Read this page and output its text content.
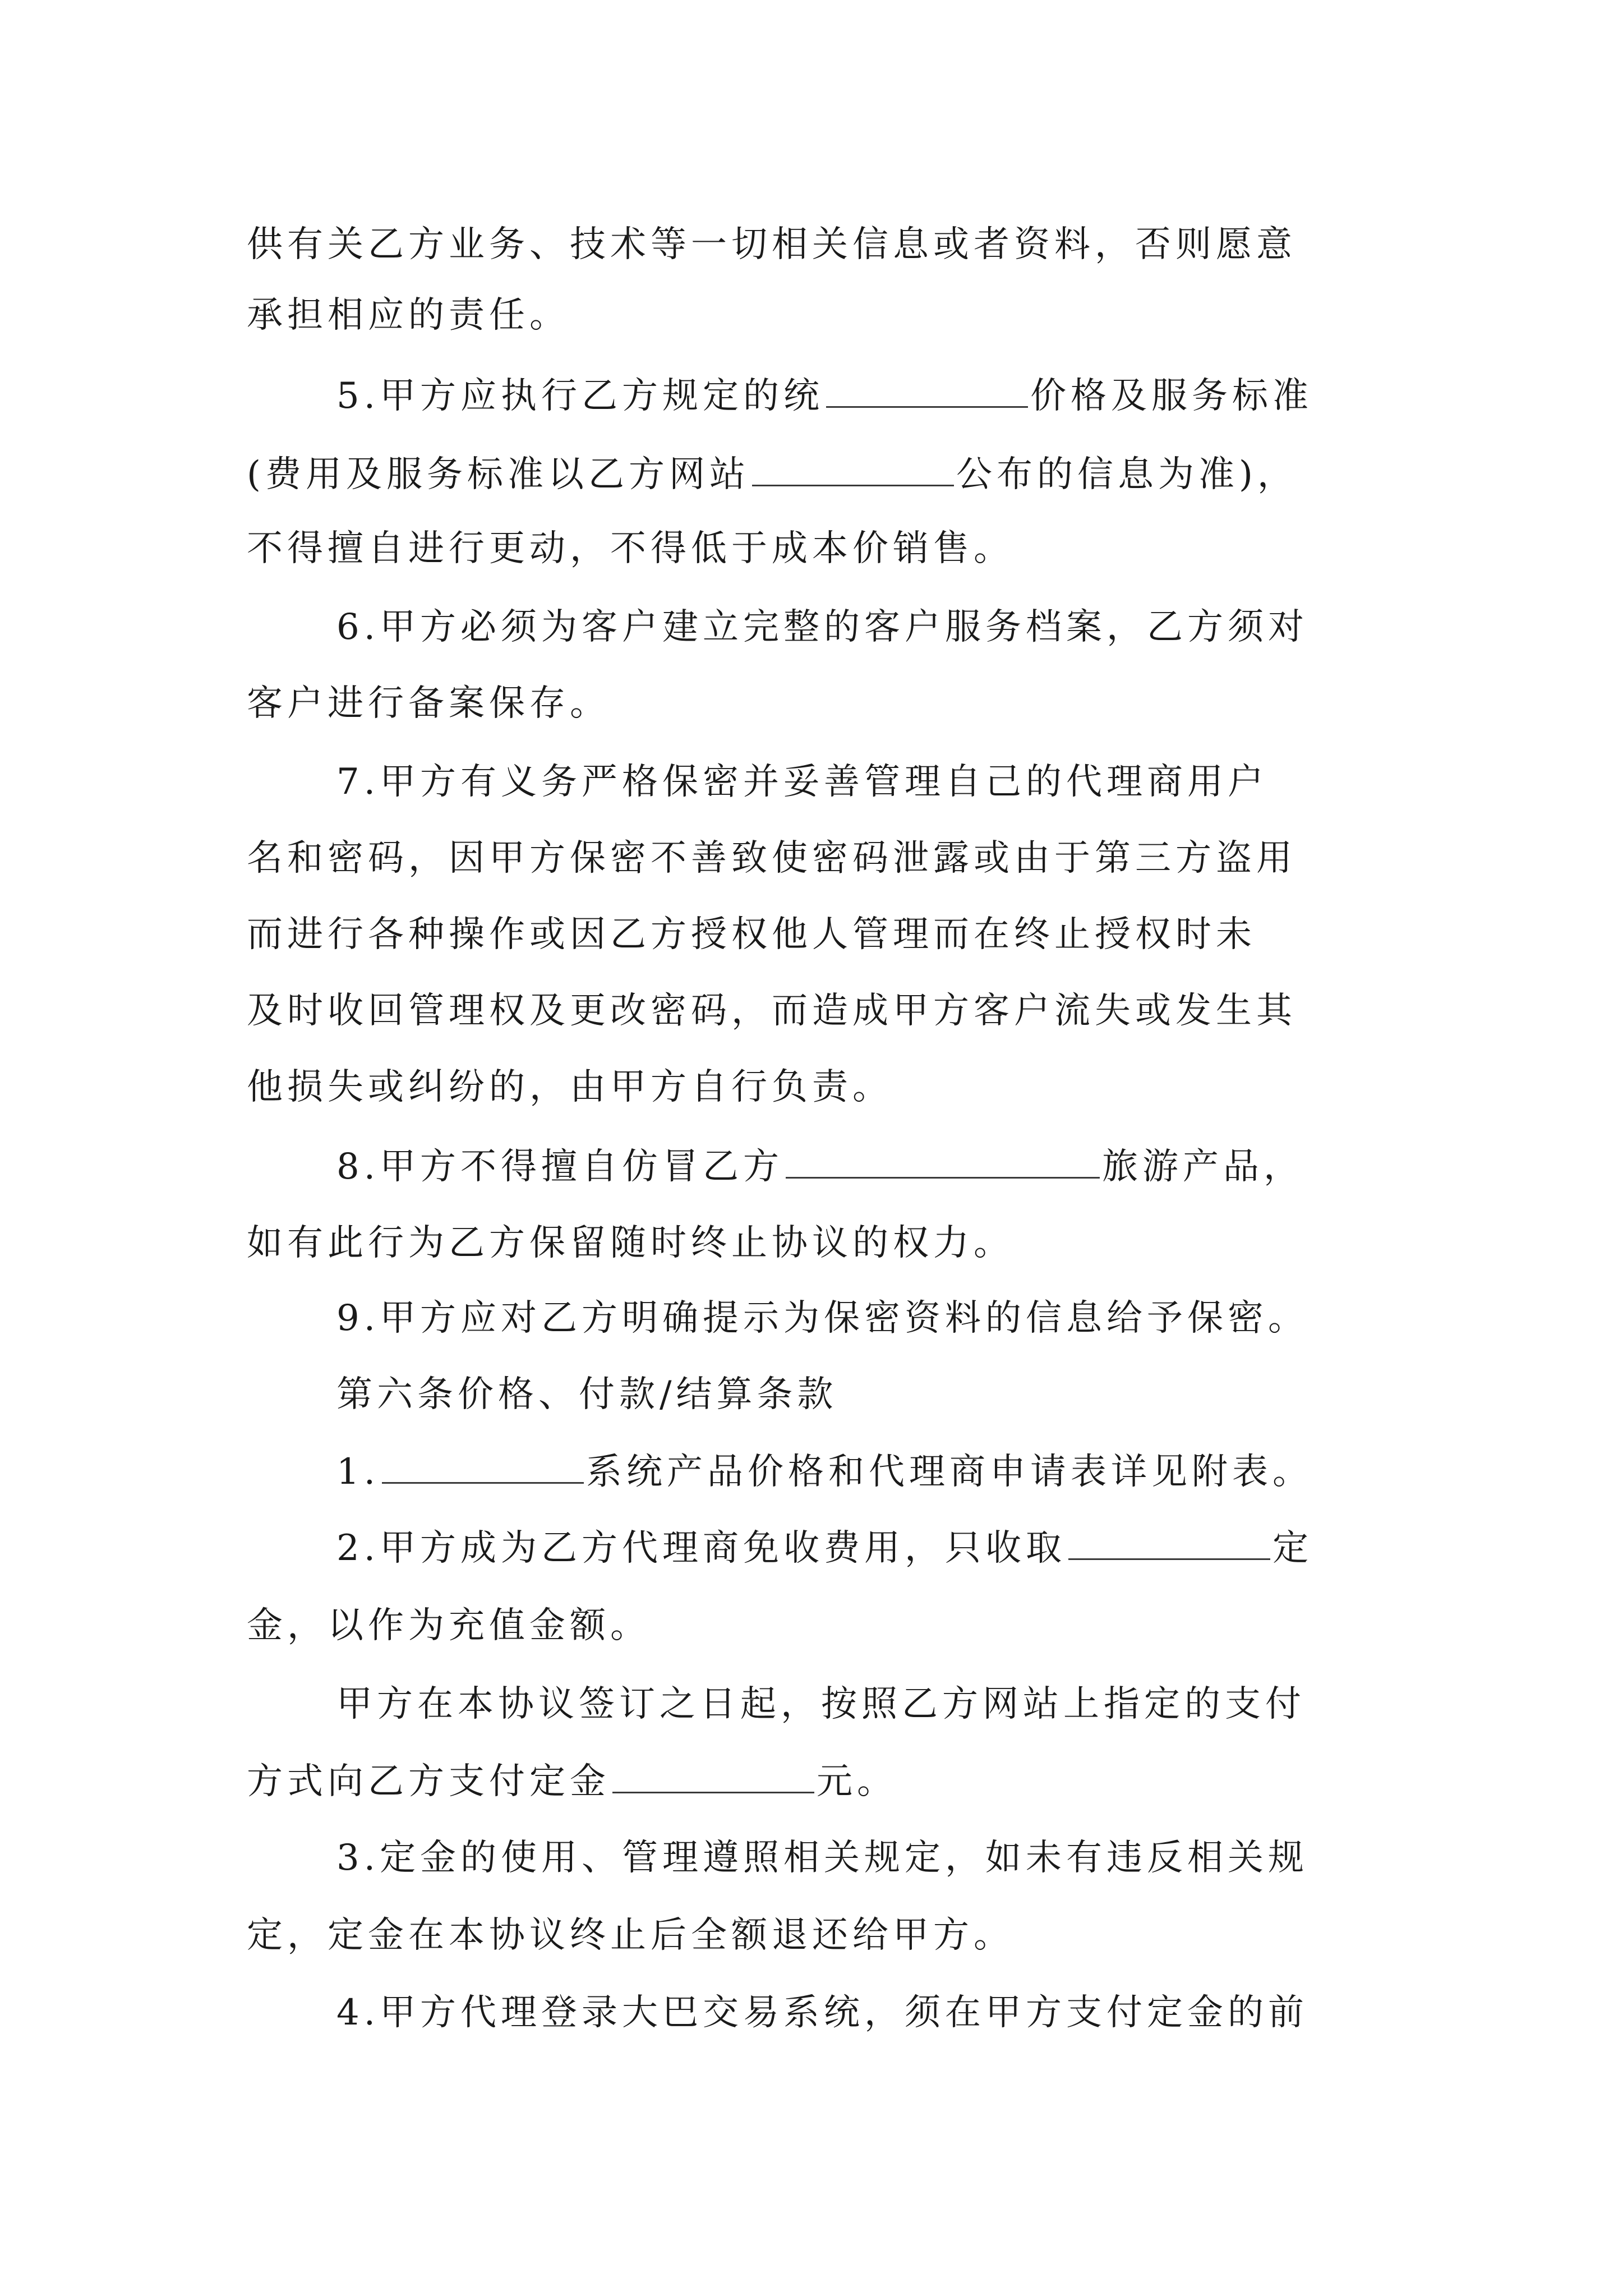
供有关乙方业务、技术等一切相关信息或者资料，否则愿意
承担相应的责任。
5.甲方应执行乙方规定的统	价格及服务标准
(费用及服务标准以乙方网站	公布的信息为准)，
不得擅自进行更动，不得低于成本价销售。
6.甲方必须为客户建立完整的客户服务档案，乙方须对
客户进行备案保存。
7.甲方有义务严格保密并妥善管理自己的代理商用户
名和密码，因甲方保密不善致使密码泄露或由于第三方盗用
而进行各种操作或因乙方授权他人管理而在终止授权时未
及时收回管理权及更改密码，而造成甲方客户流失或发生其
他损失或纠纷的，由甲方自行负责。
8.甲方不得擅自仿冒乙方	旅游产品，
如有此行为乙方保留随时终止协议的权力。
9.甲方应对乙方明确提示为保密资料的信息给予保密。
第六条价格、付款/结算条款
1.	系统产品价格和代理商申请表详见附表。
2.甲方成为乙方代理商免收费用，只收取	定
金，以作为充值金额。
甲方在本协议签订之日起，按照乙方网站上指定的支付
方式向乙方支付定金	元。
3.定金的使用、管理遵照相关规定，如未有违反相关规
定，定金在本协议终止后全额退还给甲方。
4.甲方代理登录大巴交易系统，须在甲方支付定金的前
